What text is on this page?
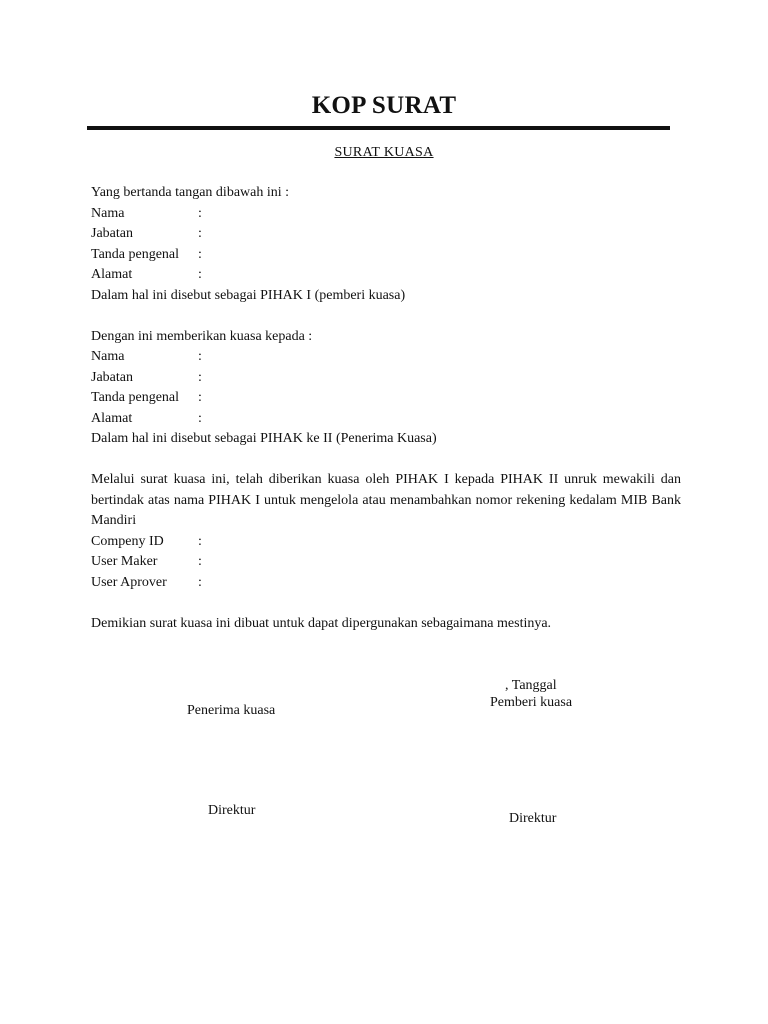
KOP SURAT
SURAT KUASA
Yang bertanda tangan dibawah ini :
Nama	:
Jabatan	:
Tanda pengenal :
Alamat	:
Dalam hal ini disebut sebagai PIHAK I (pemberi kuasa)
Dengan ini memberikan kuasa kepada :
Nama	:
Jabatan	:
Tanda pengenal :
Alamat	:
Dalam hal ini disebut sebagai PIHAK ke II (Penerima Kuasa)
Melalui surat kuasa ini, telah diberikan kuasa oleh PIHAK I kepada PIHAK II unruk mewakili dan bertindak atas nama PIHAK I untuk mengelola atau menambahkan nomor rekening kedalam MIB Bank Mandiri
Compeny ID :
User Maker	:
User Aprover :
Demikian surat kuasa ini dibuat untuk dapat dipergunakan sebagaimana mestinya.
, Tanggal
Pemberi kuasa
Penerima kuasa
Direktur
Direktur
